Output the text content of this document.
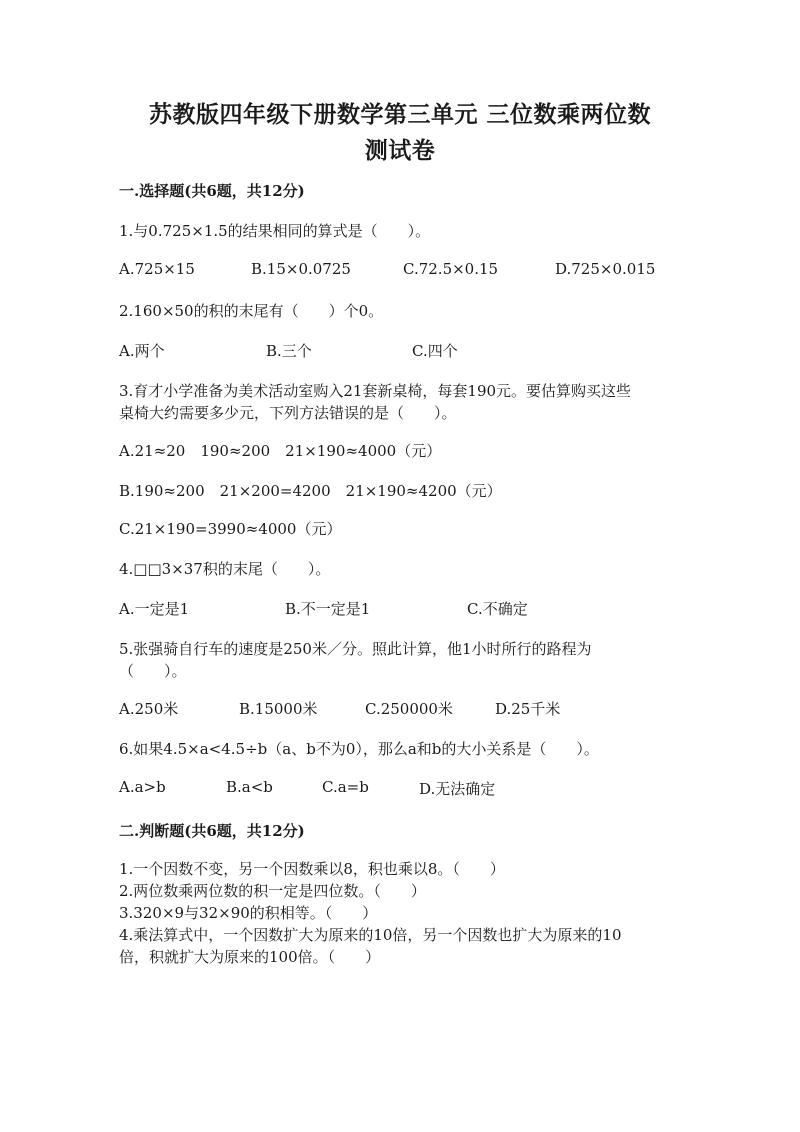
苏教版四年级下册数学第三单元 三位数乘两位数
测试卷
一.选择题(共6题，共12分)
1.与0.725×1.5的结果相同的算式是（　　）。
A.725×15	B.15×0.0725	C.72.5×0.15	D.725×0.015
2.160×50的积的末尾有（　　）个0。
A.两个	B.三个	C.四个
3.育才小学准备为美术活动室购入21套新桌椅，每套190元。要估算购买这些
桌椅大约需要多少元，下列方法错误的是（　　）。
A.21≈20　190≈200　21×190≈4000（元）
B.190≈200　21×200=4200　21×190≈4200（元）
C.21×190=3990≈4000（元）
4.□□3×37积的末尾（　　）。
A.一定是1	B.不一定是1	C.不确定
5.张强骑自行车的速度是250米／分。照此计算，他1小时所行的路程为
（　　）。
A.250米	B.15000米	C.250000米	D.25千米
6.如果4.5×a<4.5÷b（a、b不为0），那么a和b的大小关系是（　　）。
A.a>b	B.a<b	C.a=b	D.无法确定
二.判断题(共6题，共12分)
1.一个因数不变，另一个因数乘以8，积也乘以8。（　　）
2.两位数乘两位数的积一定是四位数。（　　）
3.320×9与32×90的积相等。（　　）
4.乘法算式中，一个因数扩大为原来的10倍，另一个因数也扩大为原来的10
倍，积就扩大为原来的100倍。（　　）
